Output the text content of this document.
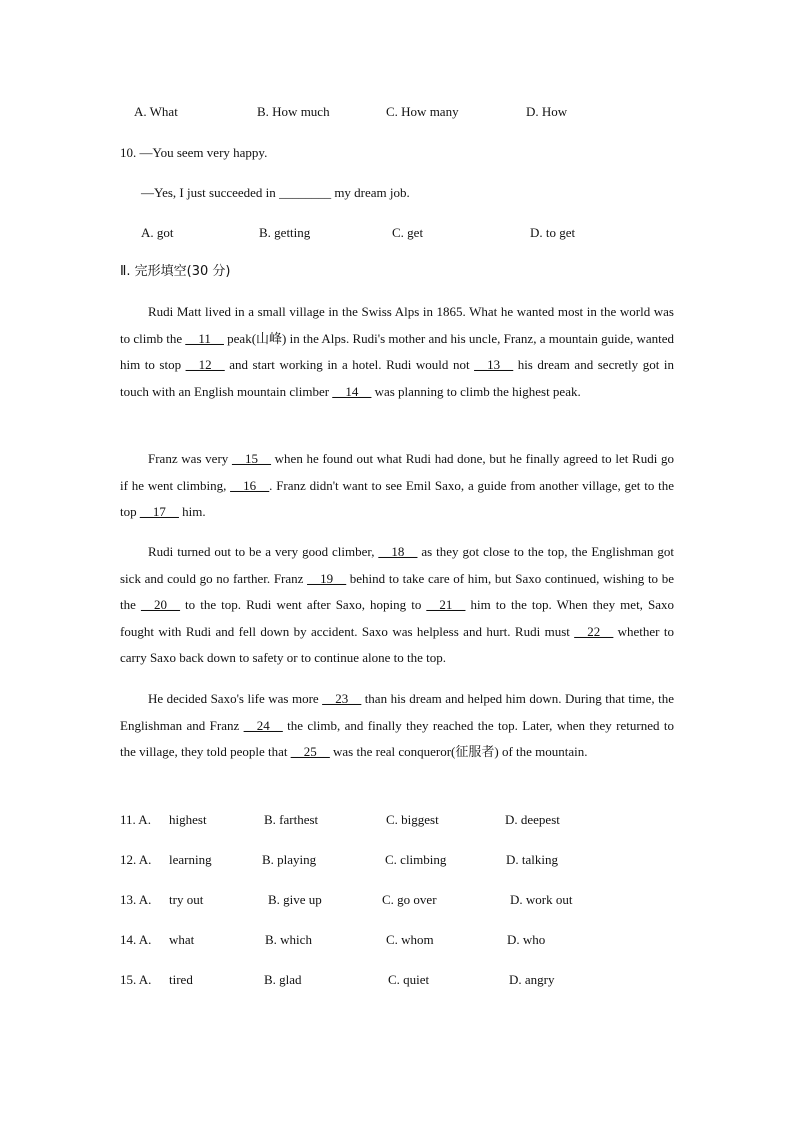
A. What	B. How much	C. How many	D. How
10. —You seem very happy.
—Yes, I just succeeded in ________ my dream job.
A. got	B. getting	C. get	D. to get
Ⅱ. 完形填空(30 分)
Rudi Matt lived in a small village in the Swiss Alps in 1865. What he wanted most in the world was to climb the __11__ peak(山峰) in the Alps. Rudi's mother and his uncle, Franz, a mountain guide, wanted him to stop __12__ and start working in a hotel. Rudi would not __13__ his dream and secretly got in touch with an English mountain climber __14__ was planning to climb the highest peak.
Franz was very __15__ when he found out what Rudi had done, but he finally agreed to let Rudi go if he went climbing, __16__. Franz didn't want to see Emil Saxo, a guide from another village, get to the top __17__ him.
Rudi turned out to be a very good climber, __18__ as they got close to the top, the Englishman got sick and could go no farther. Franz __19__ behind to take care of him, but Saxo continued, wishing to be the __20__ to the top. Rudi went after Saxo, hoping to __21__ him to the top. When they met, Saxo fought with Rudi and fell down by accident. Saxo was helpless and hurt. Rudi must __22__ whether to carry Saxo back down to safety or to continue alone to the top.
He decided Saxo's life was more __23__ than his dream and helped him down. During that time, the Englishman and Franz __24__ the climb, and finally they reached the top. Later, when they returned to the village, they told people that __25__ was the real conqueror(征服者) of the mountain.
11. A. highest	B. farthest	C. biggest	D. deepest
12. A. learning	B. playing	C. climbing	D. talking
13. A. try out	B. give up	C. go over	D. work out
14. A. what	B. which	C. whom	D. who
15. A. tired	B. glad	C. quiet	D. angry
